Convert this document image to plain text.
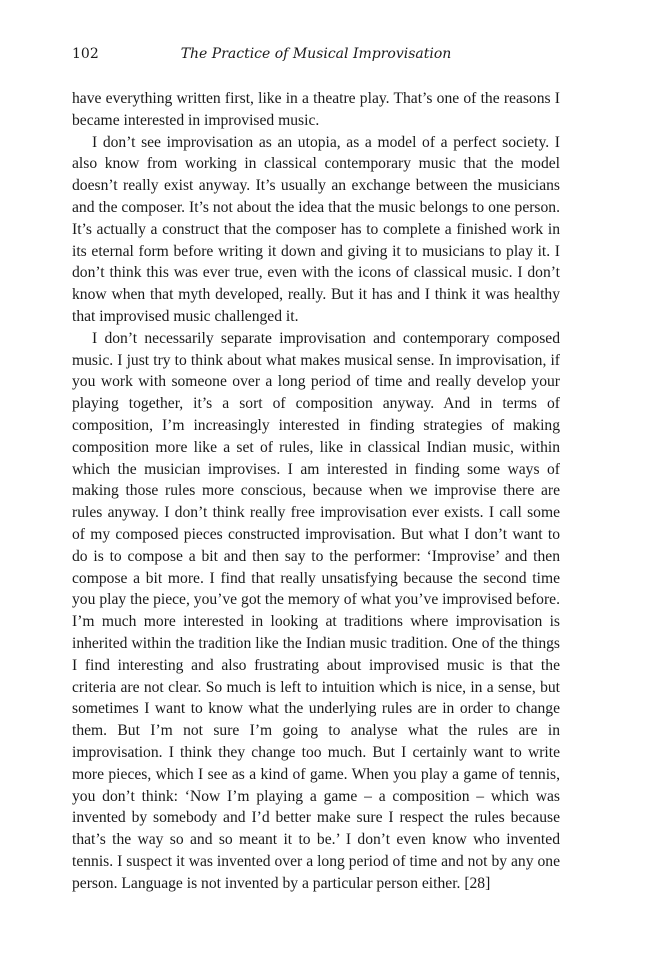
102	The Practice of Musical Improvisation

have everything written first, like in a theatre play. That’s one of the reasons I became interested in improvised music.

I don’t see improvisation as an utopia, as a model of a perfect society. I also know from working in classical contemporary music that the model doesn’t really exist anyway. It’s usually an exchange between the musicians and the composer. It’s not about the idea that the music belongs to one person. It’s actually a construct that the composer has to complete a finished work in its eternal form before writing it down and giving it to musicians to play it. I don’t think this was ever true, even with the icons of classical music. I don’t know when that myth developed, really. But it has and I think it was healthy that improvised music challenged it.

I don’t necessarily separate improvisation and contemporary composed music. I just try to think about what makes musical sense. In improvisation, if you work with someone over a long period of time and really develop your playing together, it’s a sort of composition anyway. And in terms of composition, I’m increasingly interested in finding strategies of making composition more like a set of rules, like in classical Indian music, within which the musician improvises. I am interested in finding some ways of making those rules more conscious, because when we improvise there are rules anyway. I don’t think really free improvisation ever exists. I call some of my composed pieces constructed improvisation. But what I don’t want to do is to compose a bit and then say to the performer: ‘Improvise’ and then compose a bit more. I find that really unsatisfying because the second time you play the piece, you’ve got the memory of what you’ve improvised before. I’m much more interested in looking at traditions where improvisation is inherited within the tradition like the Indian music tradition. One of the things I find interesting and also frustrating about improvised music is that the criteria are not clear. So much is left to intuition which is nice, in a sense, but sometimes I want to know what the underlying rules are in order to change them. But I’m not sure I’m going to analyse what the rules are in improvisation. I think they change too much. But I certainly want to write more pieces, which I see as a kind of game. When you play a game of tennis, you don’t think: ‘Now I’m playing a game – a composition – which was invented by somebody and I’d better make sure I respect the rules because that’s the way so and so meant it to be.’ I don’t even know who invented tennis. I suspect it was invented over a long period of time and not by any one person. Language is not invented by a particular person either. [28]
